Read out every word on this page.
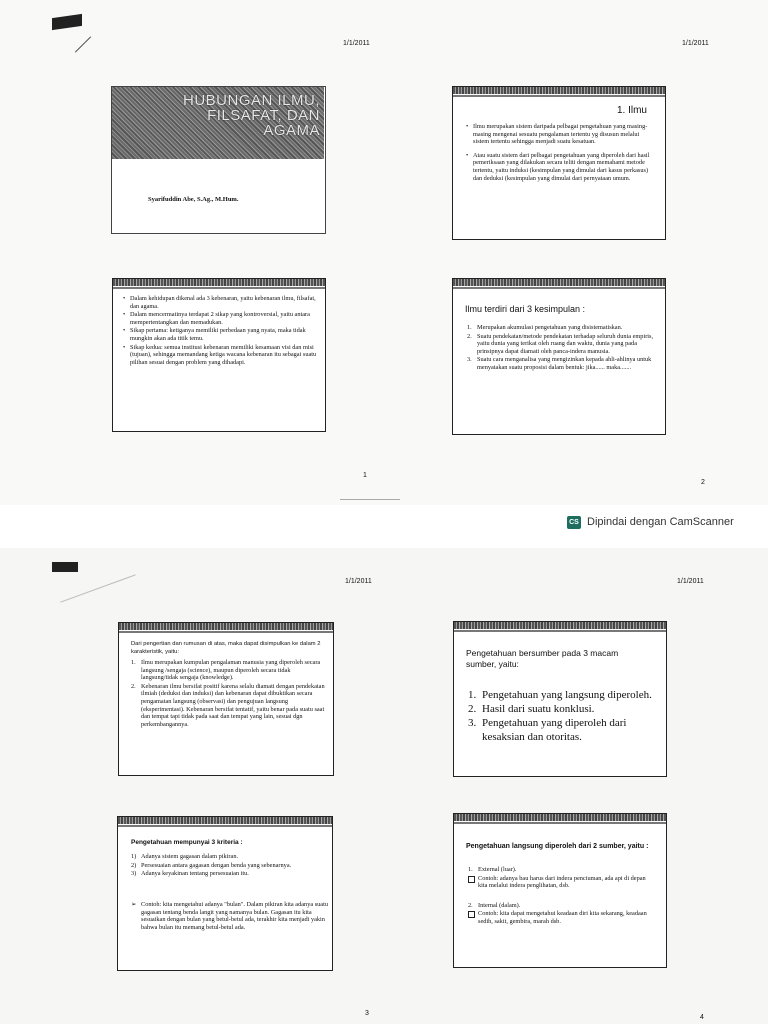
1/1/2011	1/1/2011
HUBUNGAN ILMU, FILSAFAT, DAN AGAMA
Syarifuddin Abe, S.Ag., M.Hum.
1. Ilmu
• Ilmu merupakan sistem daripada pelbagai pengetahuan yang masing-masing mengenai sesuatu pengalaman tertentu yg disusun melalui sistem tertentu sehingga menjadi suatu kesatuan.
• Atau suatu sistem dari pelbagai pengetahuan yang diperoleh dari hasil pemeriksaan yang dilakukan secara teliti dengan memahami metode tertentu, yaitu induksi (kesimpulan yang dimulai dari kasus perkasus) dan deduksi (kesimpulan yang dimulai dari pernyataan umum.
• Dalam kehidupan dikenal ada 3 kebenaran, yaitu kebenaran ilmu, filsafat, dan agama.
• Dalam mencermatinya terdapat 2 sikap yang kontroversial, yaitu antara mempertentangkan dan memadukan.
• Sikap pertama: ketiganya memiliki perbedaan yang nyata, maka tidak mungkin akan ada titik temu.
• Sikap kedua: semua institusi kebenaran memiliki kesamaan visi dan misi (tujuan), sehingga memandang ketiga wacana kebenaran itu sebagai suatu pilihan sesuai dengan problem yang dihadapi.
Ilmu terdiri dari 3 kesimpulan :
1. Merupakan akumulasi pengetahuan yang disistematiskan.
2. Suatu pendekatan/metode pendekatan terhadap seluruh dunia empiris, yaitu dunia yang terikat oleh ruang dan waktu, dunia yang pada prinsipnya dapat diamati oleh panca-indera manusia.
3. Suatu cara menganalisa yang mengizinkan kepada ahli-ahlinya untuk menyatakan suatu proposisi dalam bentuk: jika...... maka.......
1
2
CS Dipindai dengan CamScanner
1/1/2011	1/1/2011
Dari pengertian dan rumusan di atas, maka dapat disimpulkan ke dalam 2 karakteristik, yaitu:
1. Ilmu merupakan kumpulan pengalaman manusia yang diperoleh secara langsung /sengaja (science), maupun diperoleh secara tidak langsung/tidak sengaja (knowledge).
2. Kebenaran ilmu bersifat positif karena selalu diamati dengan pendekatan ilmiah (deduksi dan induksi) dan kebenaran dapat dibuktikan secara pengamatan langsung (observasi) dan pengujuan langsung (eksperimentasi). Kebenaran bersifat tentatif, yaitu benar pada suatu saat dan tempat tapi tidak pada saat dan tempat yang lain, sesuai dgn perkembangannya.
Pengetahuan bersumber pada 3 macam sumber, yaitu:
1. Pengetahuan yang langsung diperoleh.
2. Hasil dari suatu konklusi.
3. Pengetahuan yang diperoleh dari kesaksian dan otoritas.
Pengetahuan mempunyai 3 kriteria :
1) Adanya sistem gagasan dalam pikiran.
2) Persesuaian antara gagasan dengan benda yang sebenarnya.
3) Adanya keyakinan tentang persesuaian itu.
➢ Contoh: kita mengetahui adanya "bulan". Dalam pikiran kita adanya suatu gagasan tentang benda langit yang namanya bulan. Gagasan itu kita sesuaikan dengan bulan yang betul-betul ada, terakhir kita menjadi yakin bahwa bulan itu memang betul-betul ada.
Pengetahuan langsung diperoleh dari 2 sumber, yaitu :
1. External (luar).
Contoh: adanya bau harus dari indera penciuman, ada api di depan kita melalui indera penglihatan, dsb.
2. Internal (dalam).
Contoh: kita dapat mengetahui keadaan diri kita sekarang, keadaan sedih, sakit, gembira, marah dsb.
3
4
